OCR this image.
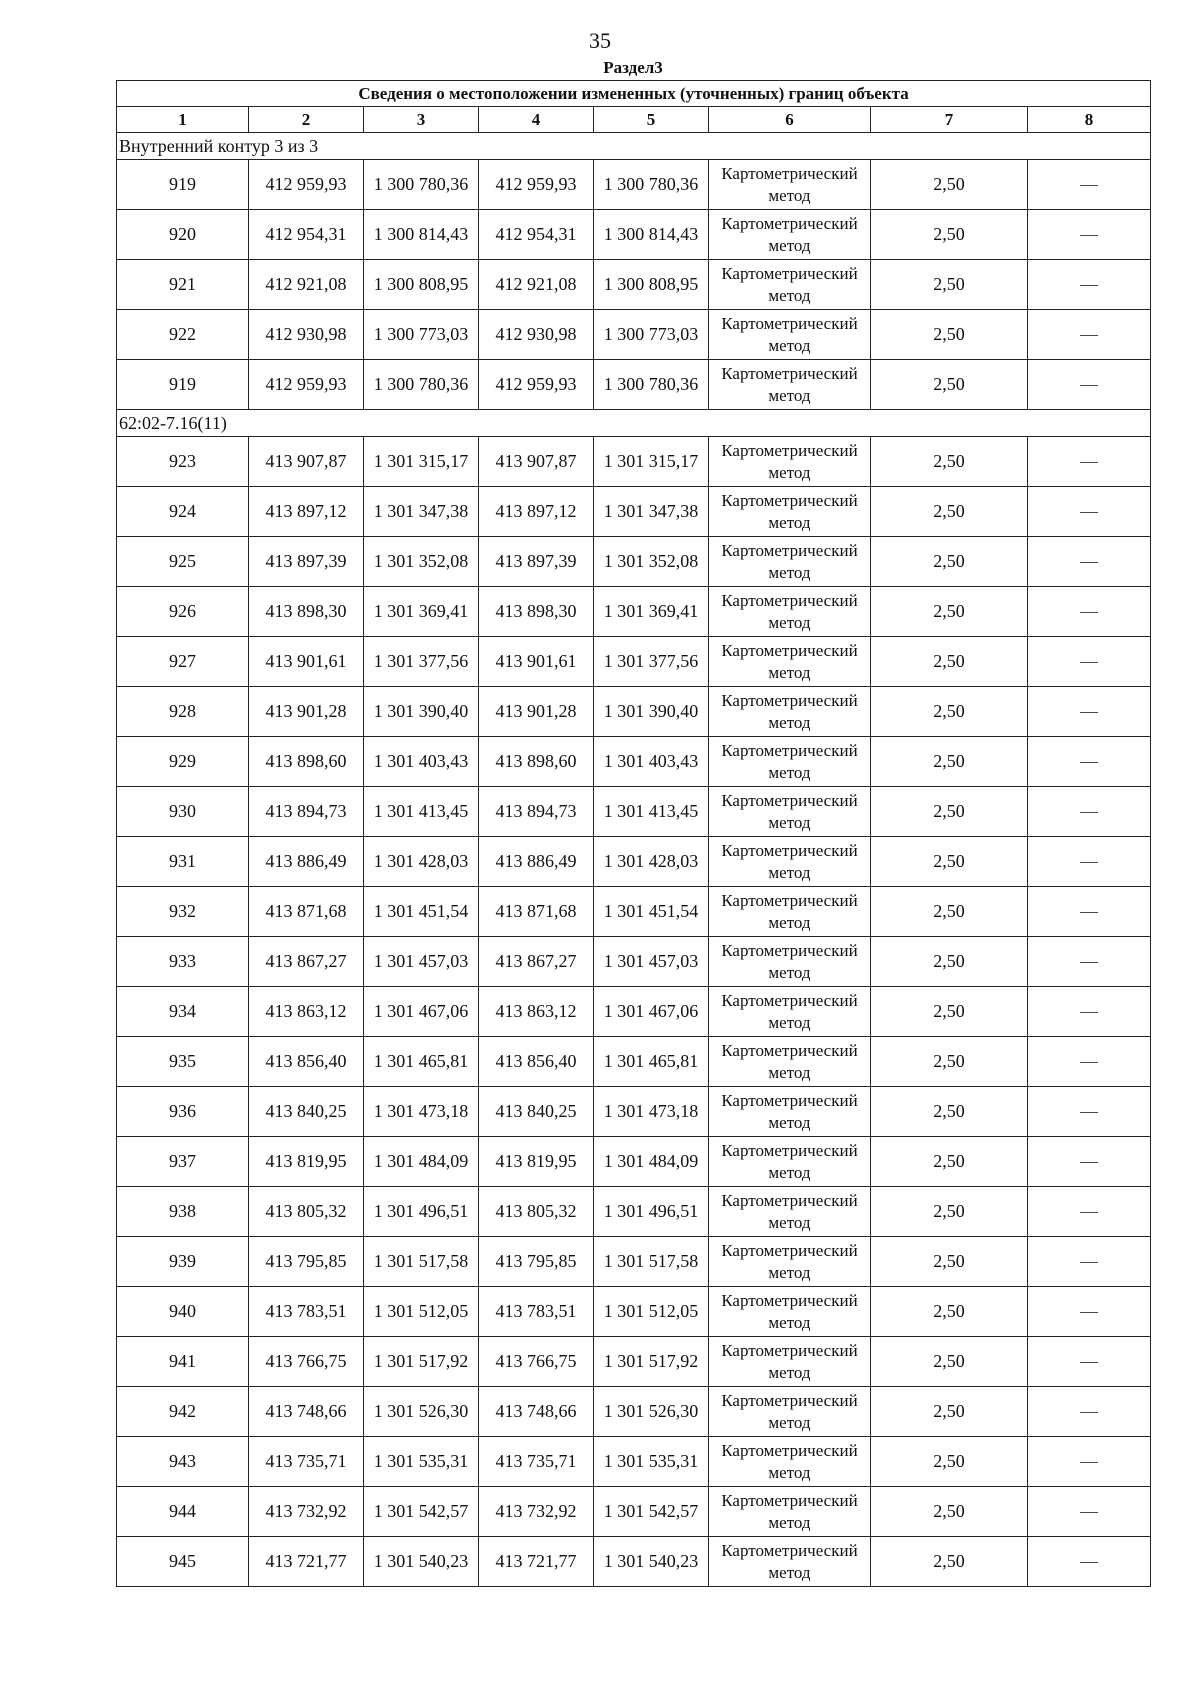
35
Раздел3
Сведения о местоположении измененных (уточненных) границ объекта							
1	2	3	4	5	6	7	8
Внутренний контур 3 из 3							
919	412 959,93	1 300 780,36	412 959,93	1 300 780,36	Картометрический метод	2,50	—
920	412 954,31	1 300 814,43	412 954,31	1 300 814,43	Картометрический метод	2,50	—
921	412 921,08	1 300 808,95	412 921,08	1 300 808,95	Картометрический метод	2,50	—
922	412 930,98	1 300 773,03	412 930,98	1 300 773,03	Картометрический метод	2,50	—
919	412 959,93	1 300 780,36	412 959,93	1 300 780,36	Картометрический метод	2,50	—
62:02-7.16(11)							
923	413 907,87	1 301 315,17	413 907,87	1 301 315,17	Картометрический метод	2,50	—
924	413 897,12	1 301 347,38	413 897,12	1 301 347,38	Картометрический метод	2,50	—
925	413 897,39	1 301 352,08	413 897,39	1 301 352,08	Картометрический метод	2,50	—
926	413 898,30	1 301 369,41	413 898,30	1 301 369,41	Картометрический метод	2,50	—
927	413 901,61	1 301 377,56	413 901,61	1 301 377,56	Картометрический метод	2,50	—
928	413 901,28	1 301 390,40	413 901,28	1 301 390,40	Картометрический метод	2,50	—
929	413 898,60	1 301 403,43	413 898,60	1 301 403,43	Картометрический метод	2,50	—
930	413 894,73	1 301 413,45	413 894,73	1 301 413,45	Картометрический метод	2,50	—
931	413 886,49	1 301 428,03	413 886,49	1 301 428,03	Картометрический метод	2,50	—
932	413 871,68	1 301 451,54	413 871,68	1 301 451,54	Картометрический метод	2,50	—
933	413 867,27	1 301 457,03	413 867,27	1 301 457,03	Картометрический метод	2,50	—
934	413 863,12	1 301 467,06	413 863,12	1 301 467,06	Картометрический метод	2,50	—
935	413 856,40	1 301 465,81	413 856,40	1 301 465,81	Картометрический метод	2,50	—
936	413 840,25	1 301 473,18	413 840,25	1 301 473,18	Картометрический метод	2,50	—
937	413 819,95	1 301 484,09	413 819,95	1 301 484,09	Картометрический метод	2,50	—
938	413 805,32	1 301 496,51	413 805,32	1 301 496,51	Картометрический метод	2,50	—
939	413 795,85	1 301 517,58	413 795,85	1 301 517,58	Картометрический метод	2,50	—
940	413 783,51	1 301 512,05	413 783,51	1 301 512,05	Картометрический метод	2,50	—
941	413 766,75	1 301 517,92	413 766,75	1 301 517,92	Картометрический метод	2,50	—
942	413 748,66	1 301 526,30	413 748,66	1 301 526,30	Картометрический метод	2,50	—
943	413 735,71	1 301 535,31	413 735,71	1 301 535,31	Картометрический метод	2,50	—
944	413 732,92	1 301 542,57	413 732,92	1 301 542,57	Картометрический метод	2,50	—
945	413 721,77	1 301 540,23	413 721,77	1 301 540,23	Картометрический метод	2,50	—
